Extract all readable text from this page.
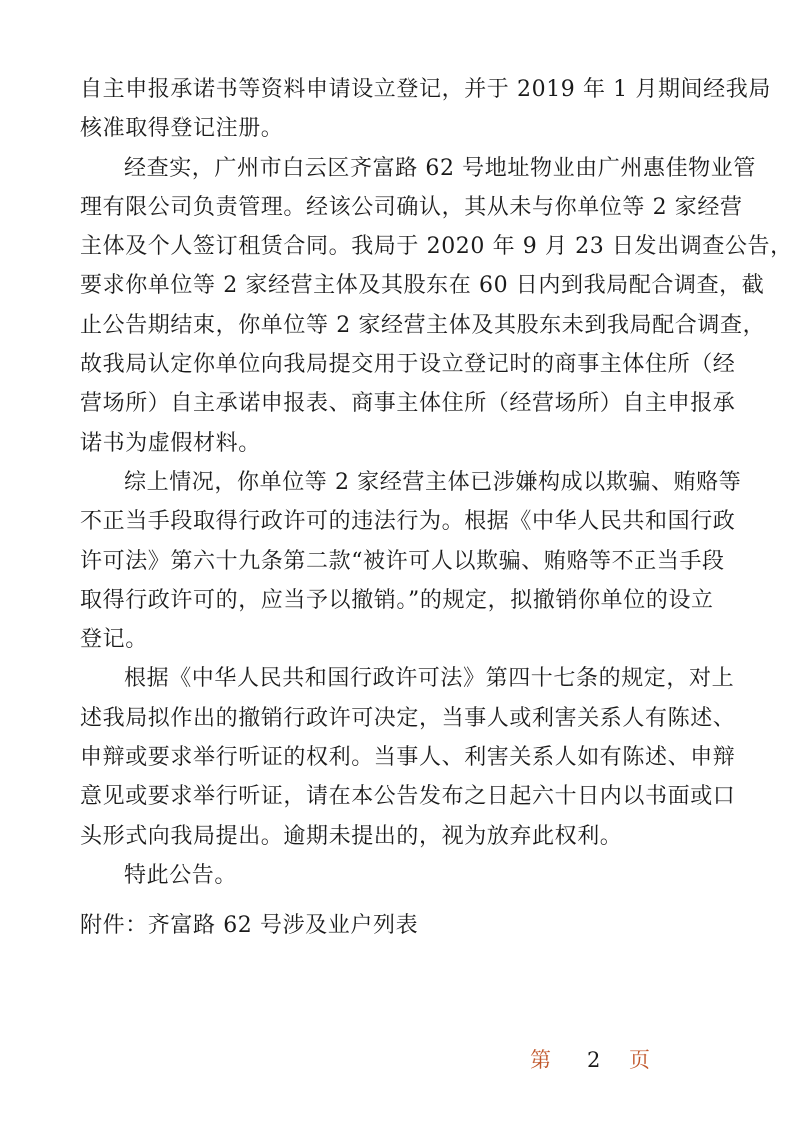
自主申报承诺书等资料申请设立登记，并于 2019 年 1 月期间经我局
核准取得登记注册。
经查实，广州市白云区齐富路 62 号地址物业由广州惠佳物业管
理有限公司负责管理。经该公司确认，其从未与你单位等 2 家经营
主体及个人签订租赁合同。我局于 2020 年 9 月 23 日发出调查公告，
要求你单位等 2 家经营主体及其股东在 60 日内到我局配合调查，截
止公告期结束，你单位等 2 家经营主体及其股东未到我局配合调查，
故我局认定你单位向我局提交用于设立登记时的商事主体住所（经
营场所）自主承诺申报表、商事主体住所（经营场所）自主申报承
诺书为虚假材料。
综上情况，你单位等 2 家经营主体已涉嫌构成以欺骗、贿赂等
不正当手段取得行政许可的违法行为。根据《中华人民共和国行政
许可法》第六十九条第二款“被许可人以欺骗、贿赂等不正当手段
取得行政许可的，应当予以撤销。”的规定，拟撤销你单位的设立
登记。
根据《中华人民共和国行政许可法》第四十七条的规定，对上
述我局拟作出的撤销行政许可决定，当事人或利害关系人有陈述、
申辩或要求举行听证的权利。当事人、利害关系人如有陈述、申辩
意见或要求举行听证，请在本公告发布之日起六十日内以书面或口
头形式向我局提出。逾期未提出的，视为放弃此权利。
特此公告。
附件：齐富路 62 号涉及业户列表
第 2 页
